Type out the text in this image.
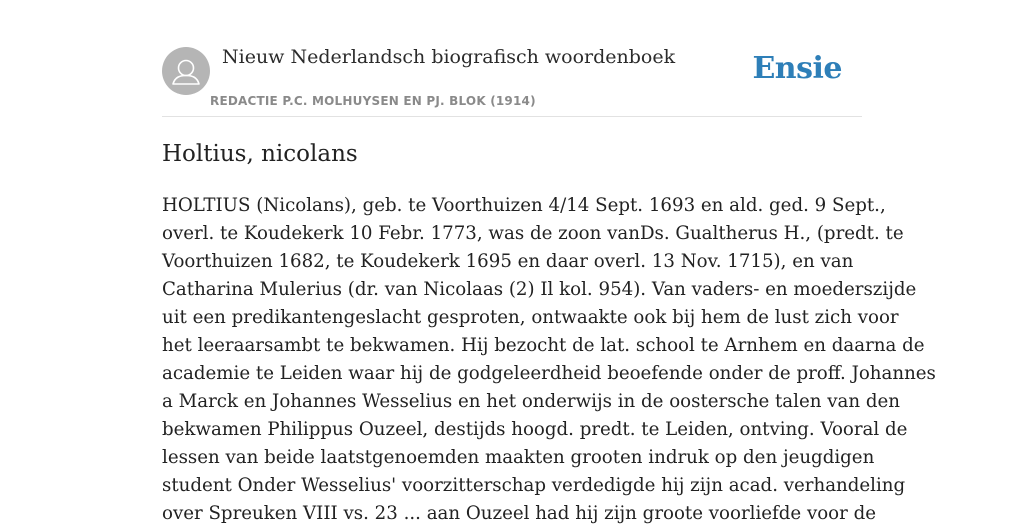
Nieuw Nederlandsch biografisch woordenboek
REDACTIE P.C. MOLHUYSEN EN PJ. BLOK (1914)
Ensie
Holtius, nicolans
HOLTIUS (Nicolans), geb. te Voorthuizen 4/14 Sept. 1693 en ald. ged. 9 Sept.,
overl. te Koudekerk 10 Febr. 1773, was de zoon vanDs. Gualtherus H., (predt. te
Voorthuizen 1682, te Koudekerk 1695 en daar overl. 13 Nov. 1715), en van
Catharina Mulerius (dr. van Nicolaas (2) Il kol. 954). Van vaders- en moederszijde
uit een predikantengeslacht gesproten, ontwaakte ook bij hem de lust zich voor
het leeraarsambt te bekwamen. Hij bezocht de lat. school te Arnhem en daarna de
academie te Leiden waar hij de godgeleerdheid beoefende onder de proff. Johannes
a Marck en Johannes Wesselius en het onderwijs in de oostersche talen van den
bekwamen Philippus Ouzeel, destijds hoogd. predt. te Leiden, ontving. Vooral de
lessen van beide laatstgenoemden maakten grooten indruk op den jeugdigen
student Onder Wesselius' voorzitterschap verdedigde hij zijn acad. verhandeling
over Spreuken VIII vs. 23 ... aan Ouzeel had hij zijn groote voorliefde voor de
